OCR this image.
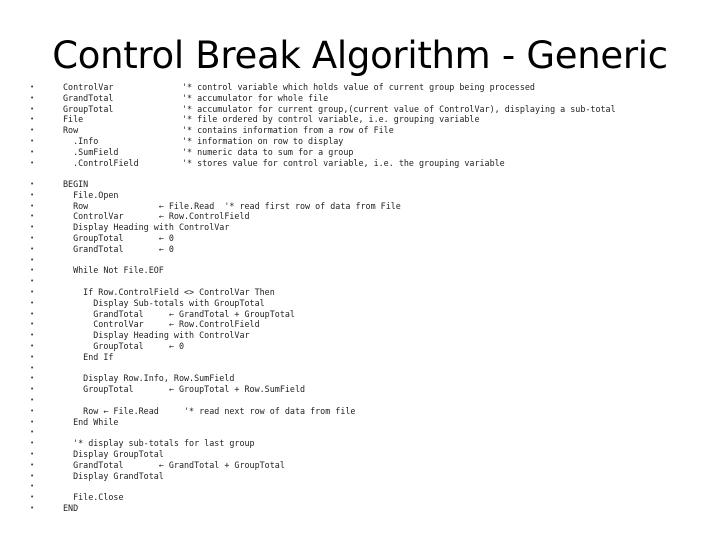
Control Break Algorithm - Generic
•	ControlVar	'* control variable which holds value of current group being processed
•	GrandTotal	'* accumulator for whole file
•	GroupTotal	'* accumulator for current group,(current value of ControlVar), displaying a sub-total
•	File	'* file ordered by control variable, i.e. grouping variable
•	Row	'* contains information from a row of File
•	.Info	'* information on row to display
•	.SumField	'* numeric data to sum for a group
•	.ControlField	'* stores value for control variable, i.e. the grouping variable
•	BEGIN
•	File.Open
•	Row              ← File.Read  '* read first row of data from File
•	ControlVar       ← Row.ControlField
•	Display Heading with ControlVar
•	GroupTotal       ← 0
•	GrandTotal       ← 0
•
•	While Not File.EOF
•
•	If Row.ControlField <> ControlVar Then
•	Display Sub-totals with GroupTotal
•	GrandTotal     ← GrandTotal + GroupTotal
•	ControlVar     ← Row.ControlField
•	Display Heading with ControlVar
•	GroupTotal     ← 0
•	End If
•
•	Display Row.Info, Row.SumField
•	GroupTotal       ← GroupTotal + Row.SumField
•
•	Row ← File.Read     '* read next row of data from file
•	End While
•
•	'* display sub-totals for last group
•	Display GroupTotal
•	GrandTotal       ← GrandTotal + GroupTotal
•	Display GrandTotal
•
•	File.Close
•	END
